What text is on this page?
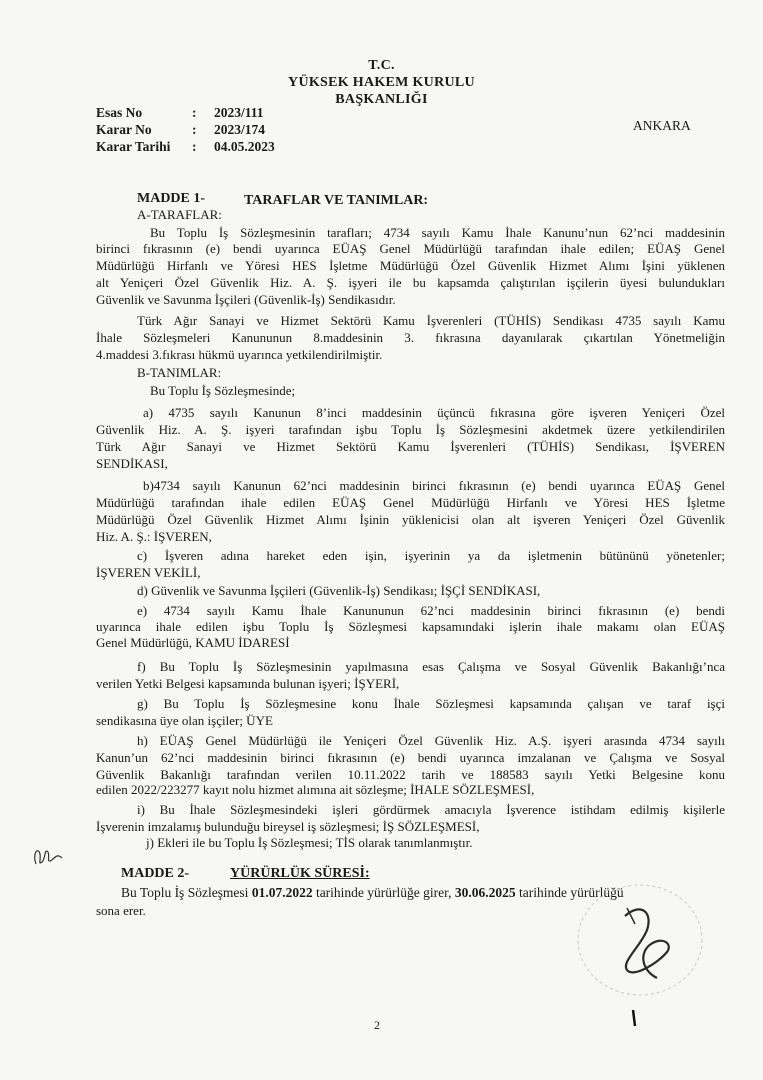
T.C.
YÜKSEK HAKEM KURULU
BAŞKANLIĞI
Esas No	:	2023/111
Karar No	:	2023/174
Karar Tarihi	:	04.05.2023
ANKARA
MADDE 1-	TARAFLAR VE TANIMLAR:
A-TARAFLAR:
Bu Toplu İş Sözleşmesinin tarafları; 4734 sayılı Kamu İhale Kanunu’nun 62’nci maddesinin
birinci fıkrasının (e) bendi uyarınca EÜAŞ Genel Müdürlüğü tarafından ihale edilen; EÜAŞ Genel
Müdürlüğü Hirfanlı ve Yöresi HES İşletme Müdürlüğü Özel Güvenlik Hizmet Alımı İşini yüklenen
alt Yeniçeri Özel Güvenlik Hiz. A. Ş. işyeri ile bu kapsamda çalıştırılan işçilerin üyesi bulundukları
Güvenlik ve Savunma İşçileri (Güvenlik-İş) Sendikasıdır.
Türk Ağır Sanayi ve Hizmet Sektörü Kamu İşverenleri (TÜHİS) Sendikası 4735 sayılı Kamu
İhale Sözleşmeleri Kanununun 8.maddesinin 3. fıkrasına dayanılarak çıkartılan Yönetmeliğin
4.maddesi 3.fıkrası hükmü uyarınca yetkilendirilmiştir.
B-TANIMLAR:
Bu Toplu İş Sözleşmesinde;
a) 4735 sayılı Kanunun 8’inci maddesinin üçüncü fıkrasına göre işveren Yeniçeri Özel
Güvenlik Hiz. A. Ş. işyeri tarafından işbu Toplu İş Sözleşmesini akdetmek üzere yetkilendirilen
Türk Ağır Sanayi ve Hizmet Sektörü Kamu İşverenleri (TÜHİS) Sendikası, İŞVEREN
SENDİKASI,
b)4734 sayılı Kanunun 62’nci maddesinin birinci fıkrasının (e) bendi uyarınca EÜAŞ Genel
Müdürlüğü tarafından ihale edilen EÜAŞ Genel Müdürlüğü Hirfanlı ve Yöresi HES İşletme
Müdürlüğü Özel Güvenlik Hizmet Alımı İşinin yüklenicisi olan alt işveren Yeniçeri Özel Güvenlik
Hiz. A. Ş.: İŞVEREN,
c) İşveren adına hareket eden işin, işyerinin ya da işletmenin bütününü yönetenler;
İŞVEREN VEKİLİ,
d) Güvenlik ve Savunma İşçileri (Güvenlik-İş) Sendikası; İŞÇİ SENDİKASI,
e) 4734 sayılı Kamu İhale Kanununun 62’nci maddesinin birinci fıkrasının (e) bendi
uyarınca ihale edilen işbu Toplu İş Sözleşmesi kapsamındaki işlerin ihale makamı olan EÜAŞ
Genel Müdürlüğü, KAMU İDARESİ
f) Bu Toplu İş Sözleşmesinin yapılmasına esas Çalışma ve Sosyal Güvenlik Bakanlığı’nca
verilen Yetki Belgesi kapsamında bulunan işyeri; İŞYERİ,
g) Bu Toplu İş Sözleşmesine konu İhale Sözleşmesi kapsamında çalışan ve taraf işçi
sendikasına üye olan işçiler; ÜYE
h) EÜAŞ Genel Müdürlüğü ile Yeniçeri Özel Güvenlik Hiz. A.Ş. işyeri arasında 4734 sayılı
Kanun’un 62’nci maddesinin birinci fıkrasının (e) bendi uyarınca imzalanan ve Çalışma ve Sosyal
Güvenlik Bakanlığı tarafından verilen 10.11.2022 tarih ve 188583 sayılı Yetki Belgesine konu
edilen 2022/223277 kayıt nolu hizmet alımına ait sözleşme; İHALE SÖZLEŞMESİ,
i) Bu İhale Sözleşmesindeki işleri gördürmek amacıyla İşverence istihdam edilmiş kişilerle
İşverenin imzalamış bulunduğu bireysel iş sözleşmesi; İŞ SÖZLEŞMESİ,
j) Ekleri ile bu Toplu İş Sözleşmesi; TİS olarak tanımlanmıştır.
MADDE 2-	YÜRÜRLÜK SÜRESİ:
Bu Toplu İş Sözleşmesi 01.07.2022 tarihinde yürürlüğe girer, 30.06.2025 tarihinde yürürlüğü
sona erer.
2
